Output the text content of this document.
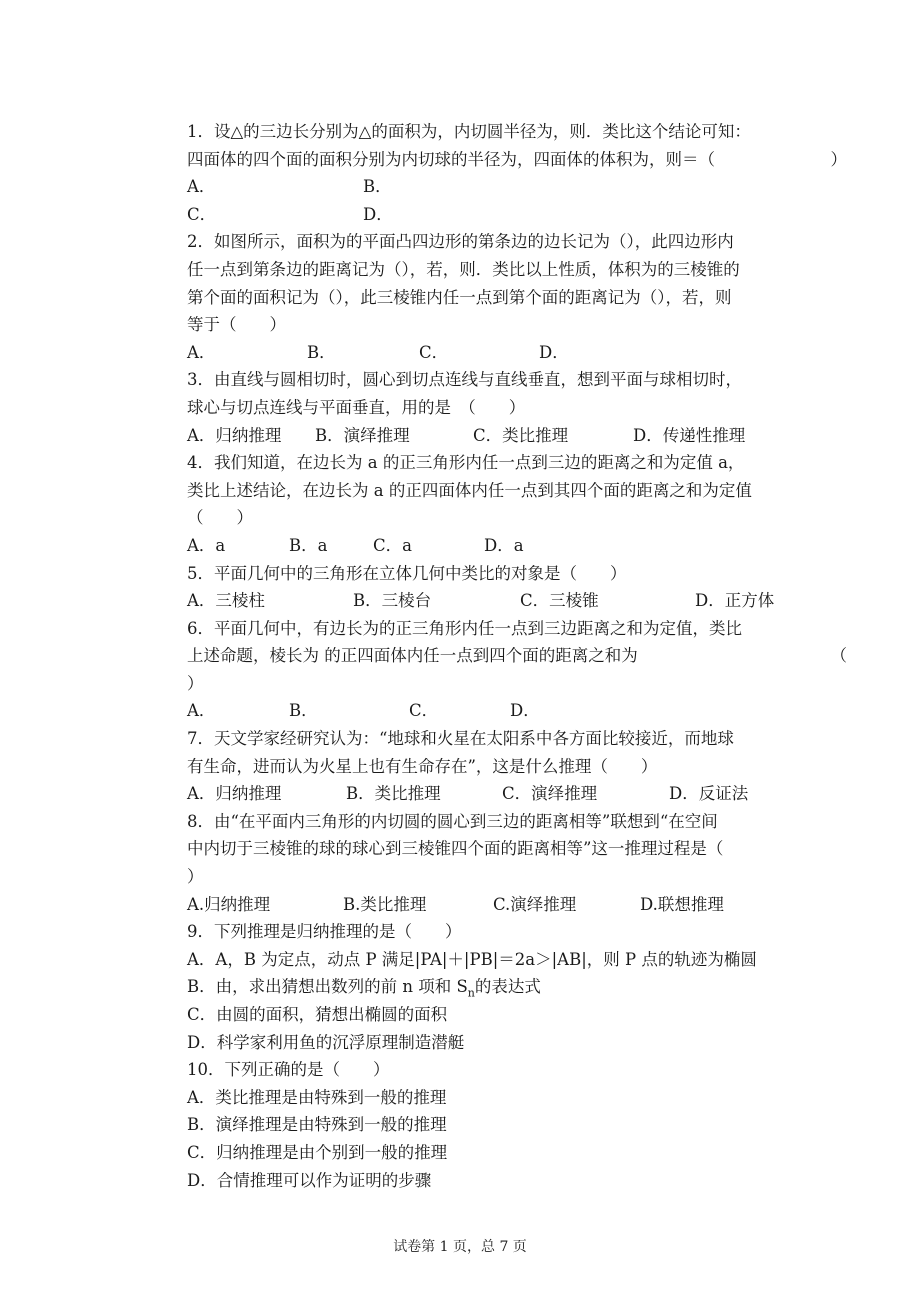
1．设△的三边长分别为△的面积为，内切圆半径为，则．类比这个结论可知：
四面体的四个面的面积分别为内切球的半径为，四面体的体积为，则＝（	）
A．	B．
C．	D．
2．如图所示，面积为的平面凸四边形的第条边的边长记为（），此四边形内
任一点到第条边的距离记为（），若，则．类比以上性质，体积为的三棱锥的
第个面的面积记为（），此三棱锥内任一点到第个面的距离记为（），若，则
等于（　　）
A．	B．	C．	D．
3．由直线与圆相切时，圆心到切点连线与直线垂直，想到平面与球相切时，
球心与切点连线与平面垂直，用的是　（　　）
A．归纳推理	B．演绎推理	C．类比推理	D．传递性推理
4．我们知道，在边长为 a 的正三角形内任一点到三边的距离之和为定值 a，
类比上述结论，在边长为 a 的正四面体内任一点到其四个面的距离之和为定值
（　　）
A．a	B．a	C．a	D．a
5．平面几何中的三角形在立体几何中类比的对象是（　　）
A．三棱柱	B．三棱台	C．三棱锥	D．正方体
6．平面几何中，有边长为的正三角形内任一点到三边距离之和为定值，类比
上述命题，棱长为 的正四面体内任一点到四个面的距离之和为	（
）
A．	B．	C．	D．
7．天文学家经研究认为：“地球和火星在太阳系中各方面比较接近，而地球
有生命，进而认为火星上也有生命存在”，这是什么推理（　　）
A．归纳推理	B．类比推理	C．演绎推理	D．反证法
8．由“在平面内三角形的内切圆的圆心到三边的距离相等”联想到“在空间
中内切于三棱锥的球的球心到三棱锥四个面的距离相等”这一推理过程是（
）
A.归纳推理	B.类比推理	C.演绎推理	D.联想推理
9．下列推理是归纳推理的是（　　）
A．A，B 为定点，动点 P 满足|PA|＋|PB|＝2a＞|AB|，则 P 点的轨迹为椭圆
B．由，求出猜想出数列的前 n 项和 $S_n$的表达式
C．由圆的面积，猜想出椭圆的面积
D．科学家利用鱼的沉浮原理制造潜艇
10．下列正确的是（　　）
A．类比推理是由特殊到一般的推理
B．演绎推理是由特殊到一般的推理
C．归纳推理是由个别到一般的推理
D．合情推理可以作为证明的步骤
试卷第 1 页，总 7 页
